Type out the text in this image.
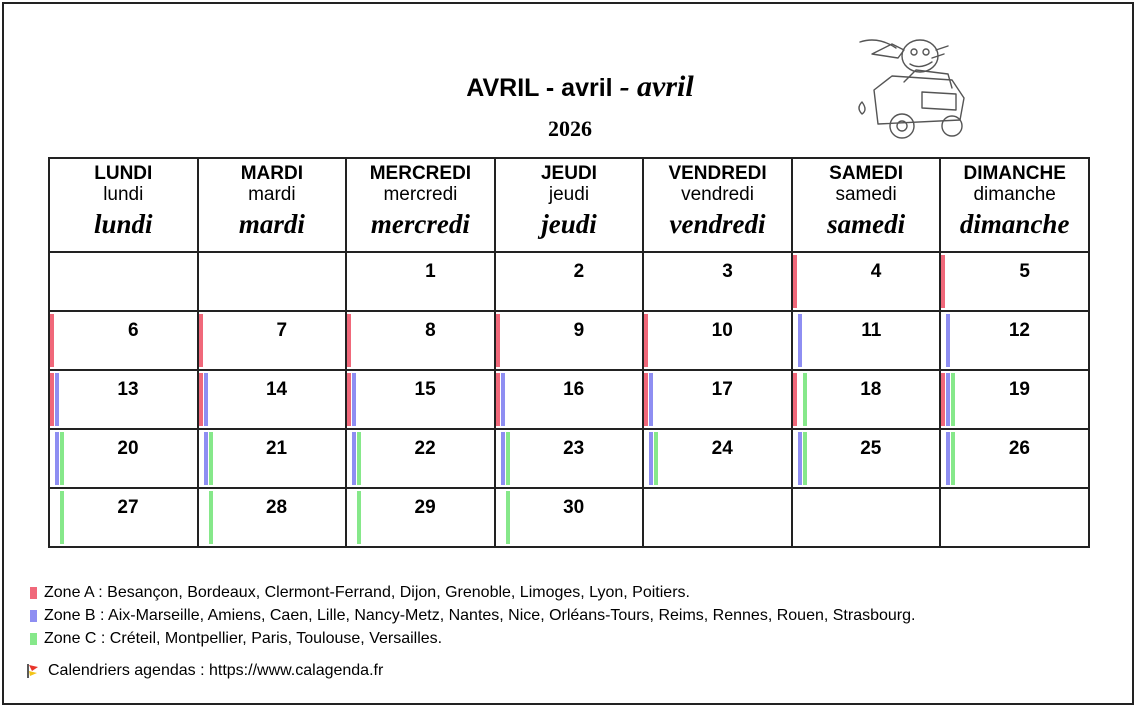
AVRIL - avril - avril
2026
LUNDI
lundi
lundi	MARDI
mardi
mardi	MERCREDI
mercredi
mercredi	JEUDI
jeudi
jeudi	VENDREDI
vendredi
vendredi	SAMEDI
samedi
samedi	DIMANCHE
dimanche
dimanche

		1	2	3	4	5

6	7	8	9	10	11	12

13	14	15	16	17	18	19

20	21	22	23	24	25	26

27	28	29	30			

Zone A : Besançon, Bordeaux, Clermont-Ferrand, Dijon, Grenoble, Limoges, Lyon, Poitiers.
Zone B : Aix-Marseille, Amiens, Caen, Lille, Nancy-Metz, Nantes, Nice, Orléans-Tours, Reims, Rennes, Rouen, Strasbourg.
Zone C : Créteil, Montpellier, Paris, Toulouse, Versailles.
Calendriers agendas : https://www.calagenda.fr
